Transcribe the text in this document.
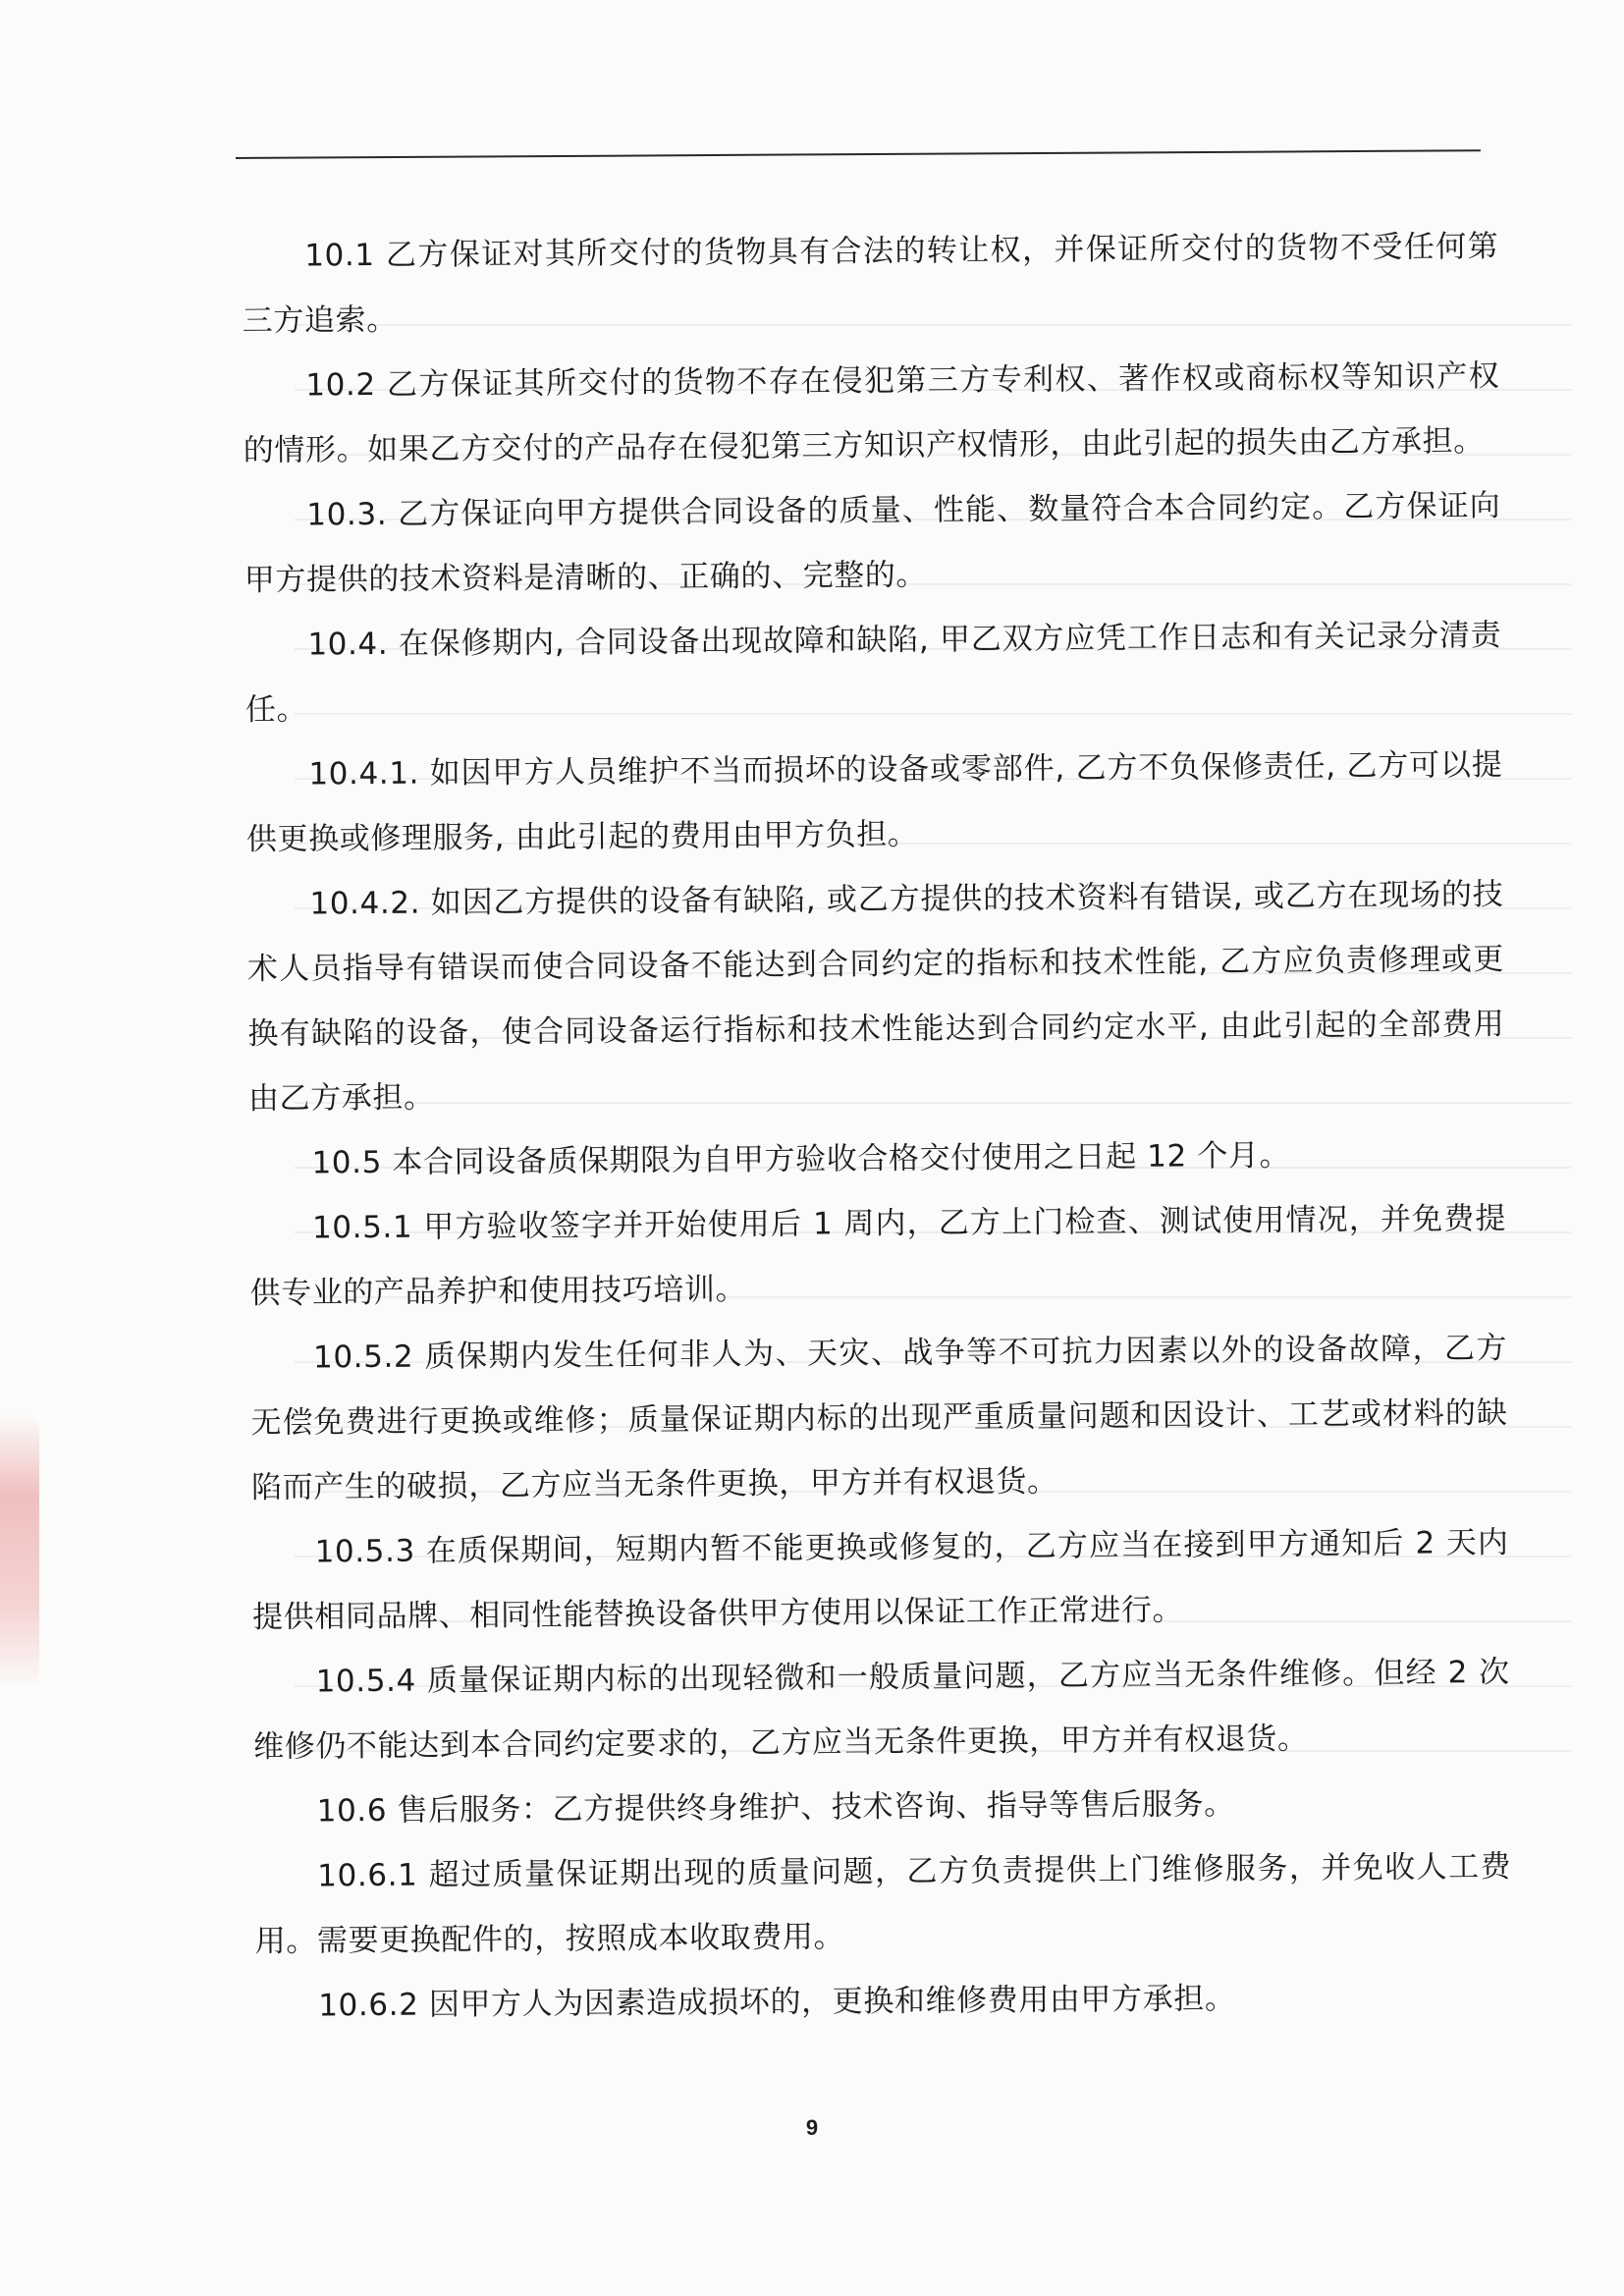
10.1 乙方保证对其所交付的货物具有合法的转让权，并保证所交付的货物不受任何第三方追索。

10.2 乙方保证其所交付的货物不存在侵犯第三方专利权、著作权或商标权等知识产权的情形。如果乙方交付的产品存在侵犯第三方知识产权情形，由此引起的损失由乙方承担。

10.3. 乙方保证向甲方提供合同设备的质量、性能、数量符合本合同约定。乙方保证向甲方提供的技术资料是清晰的、正确的、完整的。

10.4. 在保修期内, 合同设备出现故障和缺陷, 甲乙双方应凭工作日志和有关记录分清责任。

10.4.1. 如因甲方人员维护不当而损坏的设备或零部件, 乙方不负保修责任, 乙方可以提供更换或修理服务, 由此引起的费用由甲方负担。

10.4.2. 如因乙方提供的设备有缺陷, 或乙方提供的技术资料有错误, 或乙方在现场的技术人员指导有错误而使合同设备不能达到合同约定的指标和技术性能, 乙方应负责修理或更换有缺陷的设备，使合同设备运行指标和技术性能达到合同约定水平, 由此引起的全部费用由乙方承担。

10.5 本合同设备质保期限为自甲方验收合格交付使用之日起 12 个月。

10.5.1 甲方验收签字并开始使用后 1 周内，乙方上门检查、测试使用情况，并免费提供专业的产品养护和使用技巧培训。

10.5.2 质保期内发生任何非人为、天灾、战争等不可抗力因素以外的设备故障，乙方无偿免费进行更换或维修；质量保证期内标的出现严重质量问题和因设计、工艺或材料的缺陷而产生的破损，乙方应当无条件更换，甲方并有权退货。

10.5.3 在质保期间，短期内暂不能更换或修复的，乙方应当在接到甲方通知后 2 天内提供相同品牌、相同性能替换设备供甲方使用以保证工作正常进行。

10.5.4 质量保证期内标的出现轻微和一般质量问题，乙方应当无条件维修。但经 2 次维修仍不能达到本合同约定要求的，乙方应当无条件更换，甲方并有权退货。

10.6 售后服务：乙方提供终身维护、技术咨询、指导等售后服务。

10.6.1 超过质量保证期出现的质量问题，乙方负责提供上门维修服务，并免收人工费用。需要更换配件的，按照成本收取费用。

10.6.2 因甲方人为因素造成损坏的，更换和维修费用由甲方承担。

9
